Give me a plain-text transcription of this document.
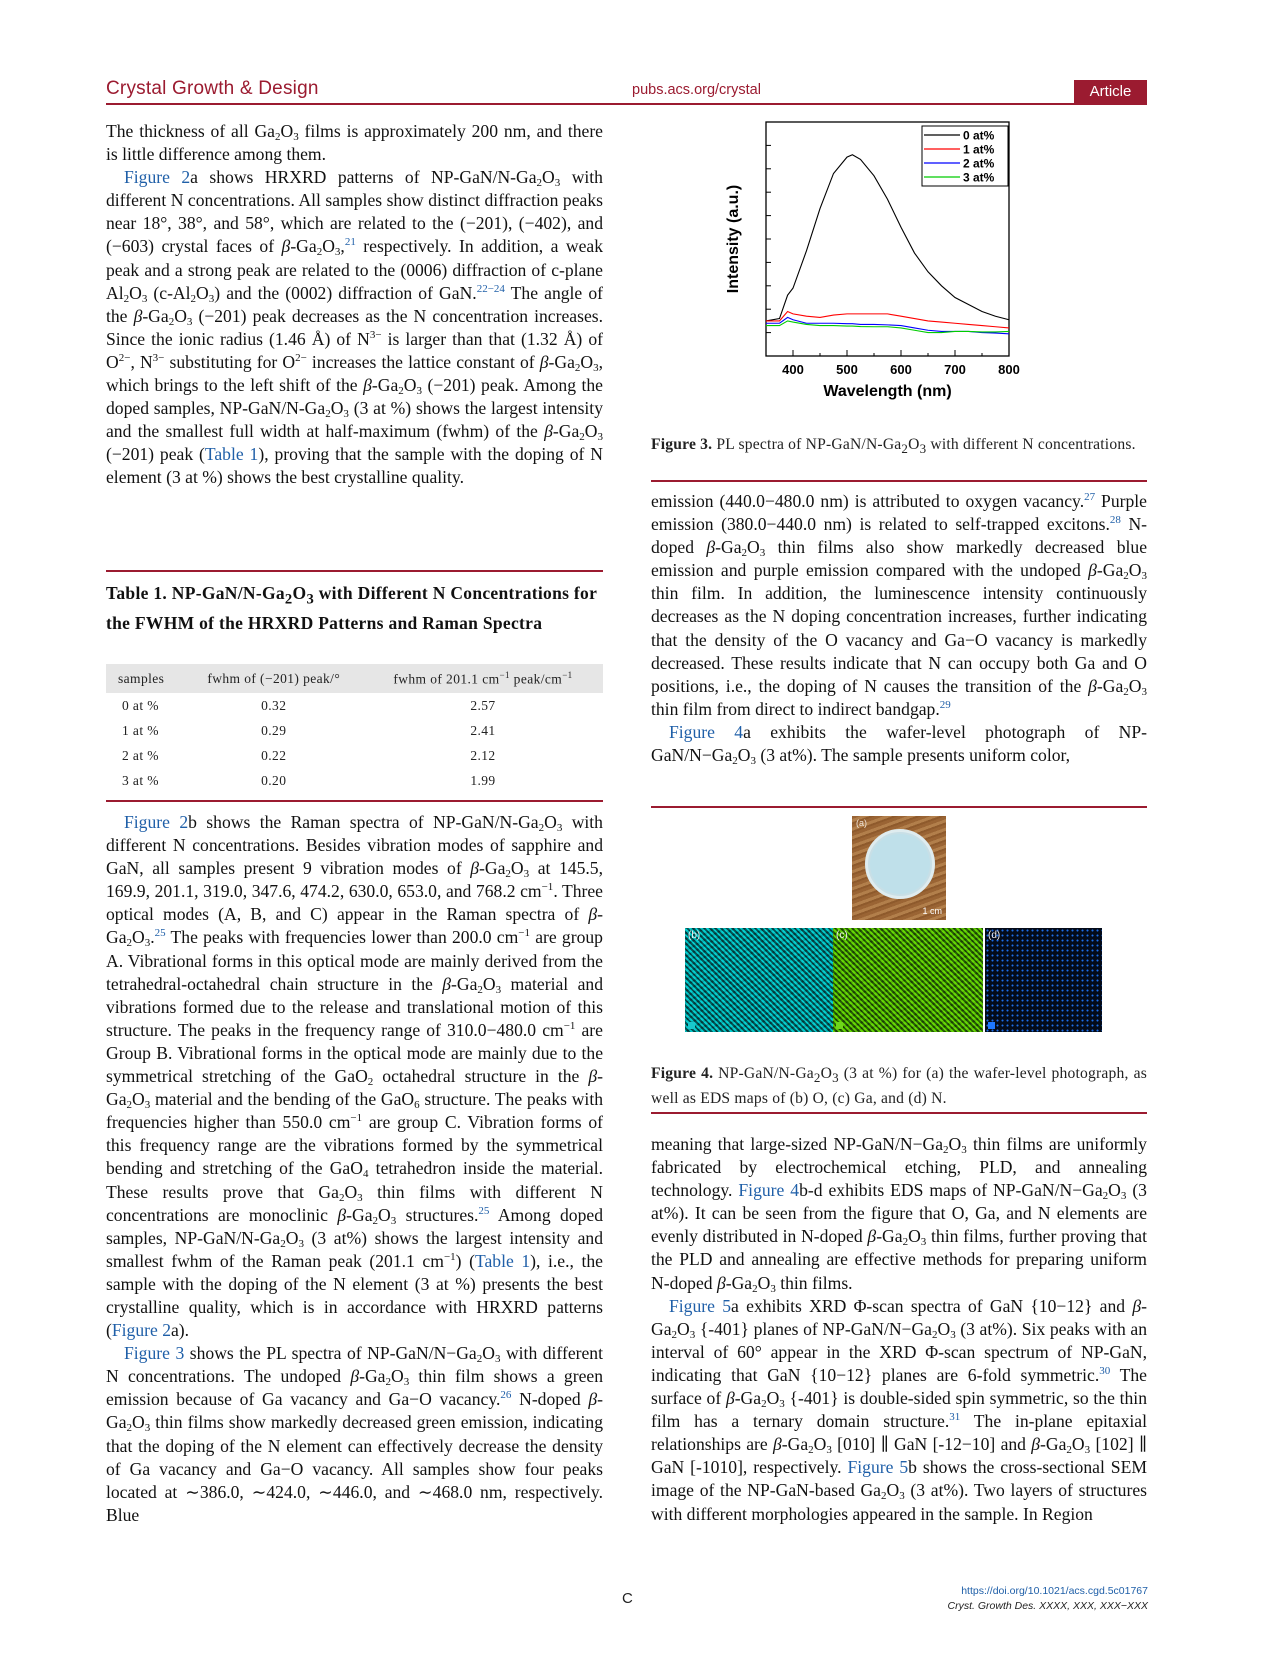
Crystal Growth & Design	pubs.acs.org/crystal	Article

The thickness of all $Ga_2O_3$ films is approximately 200 nm, and there is little difference among them.

Figure 2a shows HRXRD patterns of $NP-GaN/N-Ga_2O_3$ with different N concentrations. All samples show distinct diffraction peaks near 18°, 38°, and 58°, which are related to the (−201), (−402), and (−603) crystal faces of $\beta-Ga_2O_3,^{21}$ respectively. In addition, a weak peak and a strong peak are related to the (0006) diffraction of c-plane $Al_2O_3$ $(c-Al_2O_3)$ and the (0002) diffraction of GaN.$^{22-24}$ The angle of the $\beta-Ga_2O_3$ (−201) peak decreases as the N concentration increases. Since the ionic radius (1.46 Å) of $N^{3-}$ is larger than that (1.32 Å) of $O^{2-}$, $N^{3-}$ substituting for $O^{2-}$ increases the lattice constant of $\beta-Ga_2O_3$, which brings to the left shift of the $\beta-Ga_2O_3$ (−201) peak. Among the doped samples, $NP-GaN/N-Ga_2O_3$ (3 at %) shows the largest intensity and the smallest full width at half-maximum (fwhm) of the $\beta-Ga_2O_3$ (−201) peak (Table 1), proving that the sample with the doping of N element (3 at %) shows the best crystalline quality.

Table 1. $NP-GaN/N-Ga_2O_3$ with Different N Concentrations for the FWHM of the HRXRD Patterns and Raman Spectra
samples	fwhm of (−201) peak/°	fwhm of 201.1 $cm^{-1}$ peak/$cm^{-1}$
0 at %	0.32	2.57
1 at %	0.29	2.41
2 at %	0.22	2.12
3 at %	0.20	1.99

Figure 2b shows the Raman spectra of $NP-GaN/N-Ga_2O_3$ with different N concentrations. Besides vibration modes of sapphire and GaN, all samples present 9 vibration modes of $\beta-Ga_2O_3$ at 145.5, 169.9, 201.1, 319.0, 347.6, 474.2, 630.0, 653.0, and 768.2 $cm^{-1}$. Three optical modes (A, B, and C) appear in the Raman spectra of $\beta-Ga_2O_3.^{25}$ The peaks with frequencies lower than 200.0 $cm^{-1}$ are group A. Vibrational forms in this optical mode are mainly derived from the tetrahedral-octahedral chain structure in the $\beta-Ga_2O_3$ material and vibrations formed due to the release and translational motion of this structure. The peaks in the frequency range of 310.0−480.0 $cm^{-1}$ are Group B. Vibrational forms in the optical mode are mainly due to the symmetrical stretching of the GaO$_2$ octahedral structure in the $\beta-Ga_2O_3$ material and the bending of the GaO$_6$ structure. The peaks with frequencies higher than 550.0 $cm^{-1}$ are group C. Vibration forms of this frequency range are the vibrations formed by the symmetrical bending and stretching of the GaO$_4$ tetrahedron inside the material. These results prove that $Ga_2O_3$ thin films with different N concentrations are monoclinic $\beta-Ga_2O_3$ structures.$^{25}$ Among doped samples, $NP-GaN/N-Ga_2O_3$ (3 at%) shows the largest intensity and smallest fwhm of the Raman peak (201.1 $cm^{-1}$) (Table 1), i.e., the sample with the doping of the N element (3 at %) presents the best crystalline quality, which is in accordance with HRXRD patterns (Figure 2a).

Figure 3 shows the PL spectra of $NP-GaN/N-Ga_2O_3$ with different N concentrations. The undoped $\beta-Ga_2O_3$ thin film shows a green emission because of Ga vacancy and Ga−O vacancy.$^{26}$ N-doped $\beta-Ga_2O_3$ thin films show markedly decreased green emission, indicating that the doping of the N element can effectively decrease the density of Ga vacancy and Ga−O vacancy. All samples show four peaks located at ∼386.0, ∼424.0, ∼446.0, and ∼468.0 nm, respectively. Blue

400 500 600 700 800
Wavelength (nm)
Intensity (a.u.)
0 at%
1 at%
2 at%
3 at%
Figure 3. PL spectra of $NP-GaN/N-Ga_2O_3$ with different N concentrations.

emission (440.0−480.0 nm) is attributed to oxygen vacancy.$^{27}$ Purple emission (380.0−440.0 nm) is related to self-trapped excitons.$^{28}$ N-doped $\beta-Ga_2O_3$ thin films also show markedly decreased blue emission and purple emission compared with the undoped $\beta-Ga_2O_3$ thin film. In addition, the luminescence intensity continuously decreases as the N doping concentration increases, further indicating that the density of the O vacancy and Ga−O vacancy is markedly decreased. These results indicate that N can occupy both Ga and O positions, i.e., the doping of N causes the transition of the $\beta-Ga_2O_3$ thin film from direct to indirect bandgap.$^{29}$

Figure 4a exhibits the wafer-level photograph of $NP-GaN/N-Ga_2O_3$ (3 at%). The sample presents uniform color,

(a)
1 cm
(b)	(c)	(d)
Figure 4. $NP-GaN/N-Ga_2O_3$ (3 at %) for (a) the wafer-level photograph, as well as EDS maps of (b) O, (c) Ga, and (d) N.

meaning that large-sized $NP-GaN/N-Ga_2O_3$ thin films are uniformly fabricated by electrochemical etching, PLD, and annealing technology. Figure 4b-d exhibits EDS maps of $NP-GaN/N-Ga_2O_3$ (3 at%). It can be seen from the figure that O, Ga, and N elements are evenly distributed in N-doped $\beta-Ga_2O_3$ thin films, further proving that the PLD and annealing are effective methods for preparing uniform N-doped $\beta-Ga_2O_3$ thin films.

Figure 5a exhibits XRD Φ-scan spectra of GaN {10−12} and $\beta-Ga_2O_3$ {-401} planes of $NP-GaN/N-Ga_2O_3$ (3 at%). Six peaks with an interval of 60° appear in the XRD Φ-scan spectrum of NP-GaN, indicating that GaN {10−12} planes are 6-fold symmetric.$^{30}$ The surface of $\beta-Ga_2O_3$ {-401} is double-sided spin symmetric, so the thin film has a ternary domain structure.$^{31}$ The in-plane epitaxial relationships are $\beta-Ga_2O_3$ [010] ∥ GaN [-12−10] and $\beta-Ga_2O_3$ [102] ∥ GaN [-1010], respectively. Figure 5b shows the cross-sectional SEM image of the NP-GaN-based $Ga_2O_3$ (3 at%). Two layers of structures with different morphologies appeared in the sample. In Region

C	https://doi.org/10.1021/acs.cgd.5c01767
Cryst. Growth Des. XXXX, XXX, XXX−XXX
